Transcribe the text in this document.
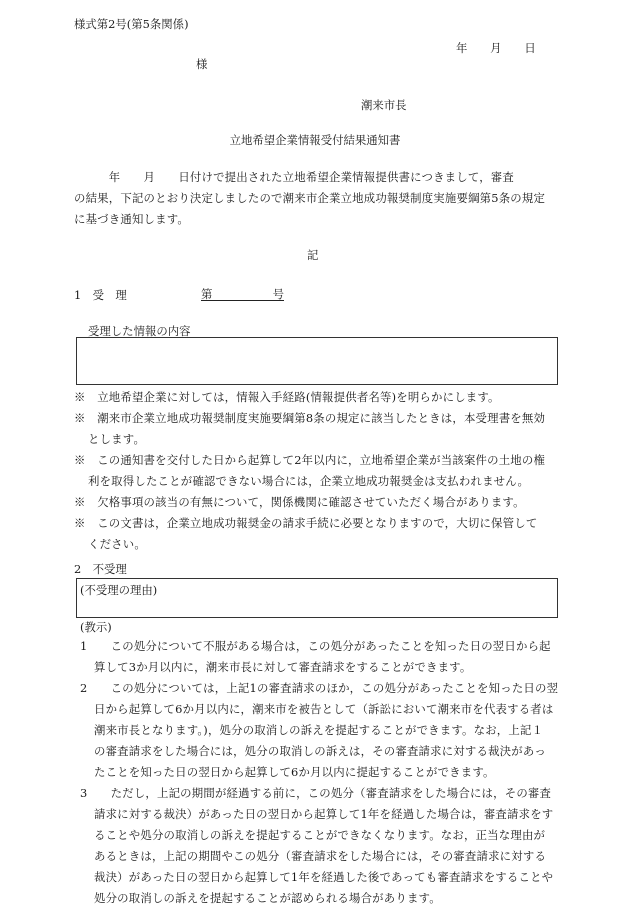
様式第2号(第5条関係)
年　　月　　日
様
潮来市長
立地希望企業情報受付結果通知書
　　　年　　月　　日付けで提出された立地希望企業情報提供書につきまして，審査
の結果，下記のとおり決定しましたので潮来市企業立地成功報奨制度実施要綱第5条の規定
に基づき通知します。
記
1　受　理	第	号
受理した情報の内容
※　 立地希望企業に対しては，情報入手経路(情報提供者名等)を明らかにします。
※　 潮来市企業立地成功報奨制度実施要綱第8条の規定に該当したときは，本受理書を無効
とします。
※　 この通知書を交付した日から起算して2年以内に，立地希望企業が当該案件の土地の権
利を取得したことが確認できない場合には，企業立地成功報奨金は支払われません。
※　 欠格事項の該当の有無について，関係機関に確認させていただく場合があります。
※　 この文書は，企業立地成功報奨金の請求手続に必要となりますので，大切に保管して
ください。
2　不受理
(不受理の理由)
(教示)
1　　 この処分について不服がある場合は，この処分があったことを知った日の翌日から起
算して3か月以内に，潮来市長に対して審査請求をすることができます。
2　　 この処分については，上記1の審査請求のほか，この処分があったことを知った日の翌
日から起算して6か月以内に，潮来市を被告として（訴訟において潮来市を代表する者は
潮来市長となります。)，処分の取消しの訴えを提起することができます。なお，上記１
の審査請求をした場合には，処分の取消しの訴えは，その審査請求に対する裁決があっ
たことを知った日の翌日から起算して6か月以内に提起することができます。
3　　 ただし，上記の期間が経過する前に，この処分（審査請求をした場合には，その審査
請求に対する裁決）があった日の翌日から起算して1年を経過した場合は，審査請求をす
ることや処分の取消しの訴えを提起することができなくなります。なお，正当な理由が
あるときは，上記の期間やこの処分（審査請求をした場合には，その審査請求に対する
裁決）があった日の翌日から起算して1年を経過した後であっても審査請求をすることや
処分の取消しの訴えを提起することが認められる場合があります。
